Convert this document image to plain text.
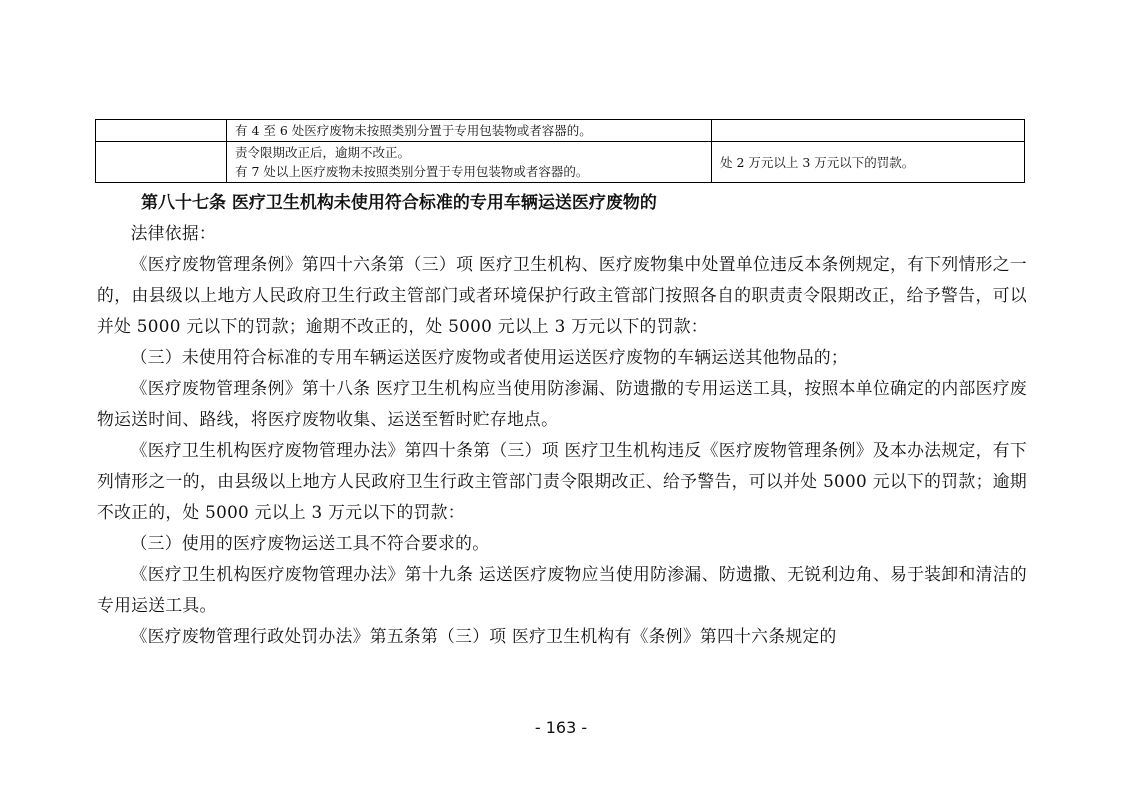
	有 4 至 6 处医疗废物未按照类别分置于专用包装物或者容器的。	

	责令限期改正后，逾期不改正。
有 7 处以上医疗废物未按照类别分置于专用包装物或者容器的。	处 2 万元以上 3 万元以下的罚款。
第八十七条 医疗卫生机构未使用符合标准的专用车辆运送医疗废物的

法律依据：

《医疗废物管理条例》第四十六条第（三）项 医疗卫生机构、医疗废物集中处置单位违反本条例规定，有下列情形之一的，由县级以上地方人民政府卫生行政主管部门或者环境保护行政主管部门按照各自的职责责令限期改正，给予警告，可以并处 5000 元以下的罚款；逾期不改正的，处 5000 元以上 3 万元以下的罚款：

（三）未使用符合标准的专用车辆运送医疗废物或者使用运送医疗废物的车辆运送其他物品的；

《医疗废物管理条例》第十八条 医疗卫生机构应当使用防渗漏、防遗撒的专用运送工具，按照本单位确定的内部医疗废物运送时间、路线，将医疗废物收集、运送至暂时贮存地点。

《医疗卫生机构医疗废物管理办法》第四十条第（三）项 医疗卫生机构违反《医疗废物管理条例》及本办法规定，有下列情形之一的，由县级以上地方人民政府卫生行政主管部门责令限期改正、给予警告，可以并处 5000 元以下的罚款；逾期不改正的，处 5000 元以上 3 万元以下的罚款：

（三）使用的医疗废物运送工具不符合要求的。

《医疗卫生机构医疗废物管理办法》第十九条 运送医疗废物应当使用防渗漏、防遗撒、无锐利边角、易于装卸和清洁的专用运送工具。

《医疗废物管理行政处罚办法》第五条第（三）项 医疗卫生机构有《条例》第四十六条规定的

- 163 -
